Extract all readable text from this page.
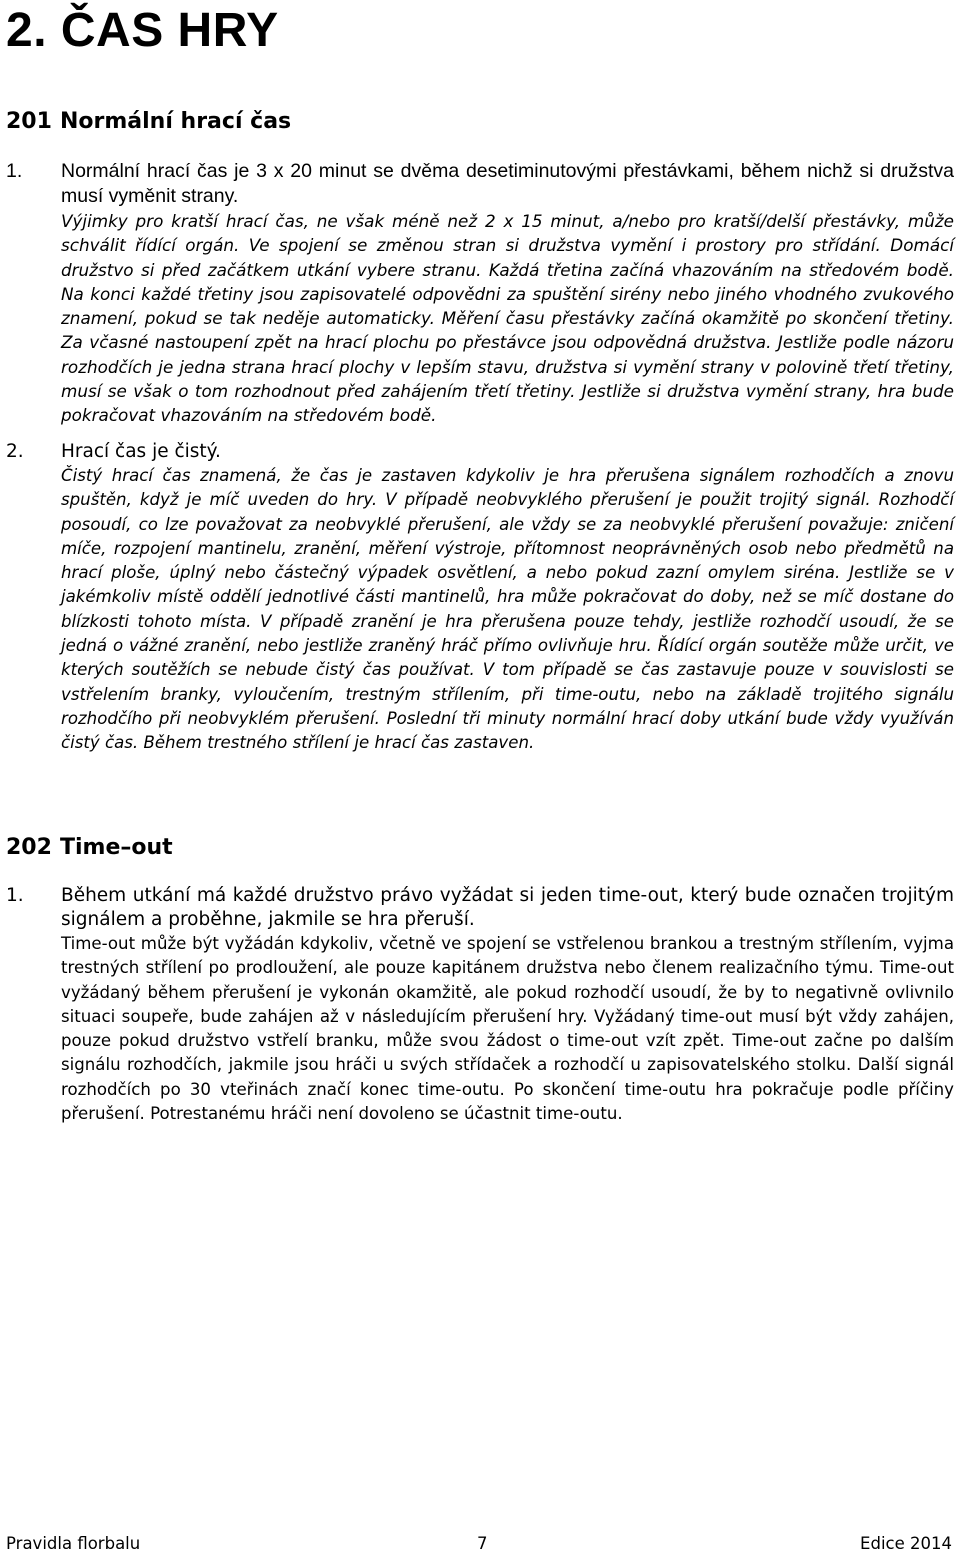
2. ČAS HRY
201 Normální hrací čas
1. Normální hrací čas je 3 x 20 minut se dvěma desetiminutovými přestávkami, během nichž si družstva musí vyměnit strany.
Výjimky pro kratší hrací čas, ne však méně než 2 x 15 minut, a/nebo pro kratší/delší přestávky, může schválit řídící orgán. Ve spojení se změnou stran si družstva vymění i prostory pro střídání. Domácí družstvo si před začátkem utkání vybere stranu. Každá třetina začíná vhazováním na středovém bodě. Na konci každé třetiny jsou zapisovatelé odpovědni za spuštění sirény nebo jiného vhodného zvukového znamení, pokud se tak neděje automaticky. Měření času přestávky začíná okamžitě po skončení třetiny. Za včasné nastoupení zpět na hrací plochu po přestávce jsou odpovědná družstva. Jestliže podle názoru rozhodčích je jedna strana hrací plochy v lepším stavu, družstva si vymění strany v polovině třetí třetiny, musí se však o tom rozhodnout před zahájením třetí třetiny. Jestliže si družstva vymění strany, hra bude pokračovat vhazováním na středovém bodě.
2. Hrací čas je čistý.
Čistý hrací čas znamená, že čas je zastaven kdykoliv je hra přerušena signálem rozhodčích a znovu spuštěn, když je míč uveden do hry. V případě neobvyklého přerušení je použit trojitý signál. Rozhodčí posoudí, co lze považovat za neobvyklé přerušení, ale vždy se za neobvyklé přerušení považuje: zničení míče, rozpojení mantinelu, zranění, měření výstroje, přítomnost neoprávněných osob nebo předmětů na hrací ploše, úplný nebo částečný výpadek osvětlení, a nebo pokud zazní omylem siréna. Jestliže se v jakémkoliv místě oddělí jednotlivé části mantinelů, hra může pokračovat do doby, než se míč dostane do blízkosti tohoto místa. V případě zranění je hra přerušena pouze tehdy, jestliže rozhodčí usoudí, že se jedná o vážné zranění, nebo jestliže zraněný hráč přímo ovlivňuje hru. Řídící orgán soutěže může určit, ve kterých soutěžích se nebude čistý čas používat. V tom případě se čas zastavuje pouze v souvislosti se vstřelením branky, vyloučením, trestným střílením, při time-outu, nebo na základě trojitého signálu rozhodčího při neobvyklém přerušení. Poslední tři minuty normální hrací doby utkání bude vždy využíván čistý čas. Během trestného střílení je hrací čas zastaven.
202 Time–out
1. Během utkání má každé družstvo právo vyžádat si jeden time-out, který bude označen trojitým signálem a proběhne, jakmile se hra přeruší.
Time-out může být vyžádán kdykoliv, včetně ve spojení se vstřelenou brankou a trestným střílením, vyjma trestných střílení po prodloužení, ale pouze kapitánem družstva nebo členem realizačního týmu. Time-out vyžádaný během přerušení je vykonán okamžitě, ale pokud rozhodčí usoudí, že by to negativně ovlivnilo situaci soupeře, bude zahájen až v následujícím přerušení hry. Vyžádaný time-out musí být vždy zahájen, pouze pokud družstvo vstřelí branku, může svou žádost o time-out vzít zpět. Time-out začne po dalším signálu rozhodčích, jakmile jsou hráči u svých střídaček a rozhodčí u zapisovatelského stolku. Další signál rozhodčích po 30 vteřinách značí konec time-outu. Po skončení time-outu hra pokračuje podle příčiny přerušení. Potrestanému hráči není dovoleno se účastnit time-outu.
Pravidla florbalu	7	Edice 2014
